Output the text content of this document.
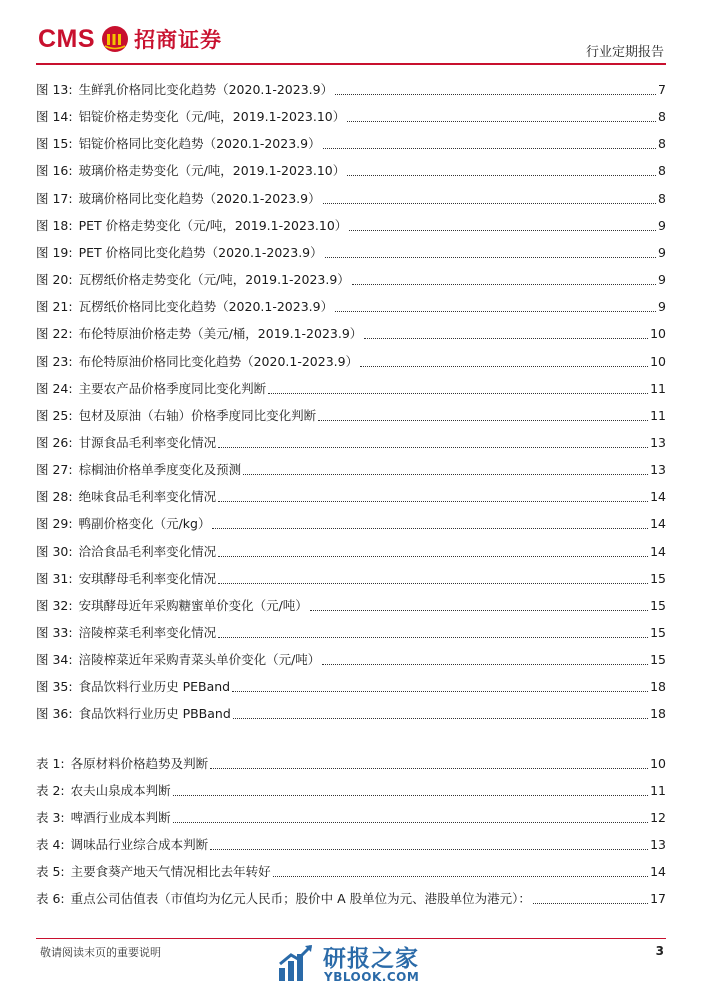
CMS 招商证券
行业定期报告
图 13: 生鲜乳价格同比变化趋势（2020.1-2023.9）	7
图 14: 铝锭价格走势变化（元/吨，2019.1-2023.10）	8
图 15: 铝锭价格同比变化趋势（2020.1-2023.9）	8
图 16: 玻璃价格走势变化（元/吨，2019.1-2023.10）	8
图 17: 玻璃价格同比变化趋势（2020.1-2023.9）	8
图 18: PET 价格走势变化（元/吨，2019.1-2023.10）	9
图 19: PET 价格同比变化趋势（2020.1-2023.9）	9
图 20: 瓦楞纸价格走势变化（元/吨，2019.1-2023.9）	9
图 21: 瓦楞纸价格同比变化趋势（2020.1-2023.9）	9
图 22: 布伦特原油价格走势（美元/桶，2019.1-2023.9）	10
图 23: 布伦特原油价格同比变化趋势（2020.1-2023.9）	10
图 24: 主要农产品价格季度同比变化判断	11
图 25: 包材及原油（右轴）价格季度同比变化判断	11
图 26: 甘源食品毛利率变化情况	13
图 27: 棕榈油价格单季度变化及预测	13
图 28: 绝味食品毛利率变化情况	14
图 29: 鸭副价格变化（元/kg）	14
图 30: 洽洽食品毛利率变化情况	14
图 31: 安琪酵母毛利率变化情况	15
图 32: 安琪酵母近年采购糖蜜单价变化（元/吨）	15
图 33: 涪陵榨菜毛利率变化情况	15
图 34: 涪陵榨菜近年采购青菜头单价变化（元/吨）	15
图 35: 食品饮料行业历史 PEBand	18
图 36: 食品饮料行业历史 PBBand	18
表 1: 各原材料价格趋势及判断	10
表 2: 农夫山泉成本判断	11
表 3: 啤酒行业成本判断	12
表 4: 调味品行业综合成本判断	13
表 5: 主要食葵产地天气情况相比去年转好	14
表 6: 重点公司估值表（市值均为亿元人民币；股价中 A 股单位为元、港股单位为港元）：	17
敬请阅读末页的重要说明	3
研报之家
YBLOOK.COM
